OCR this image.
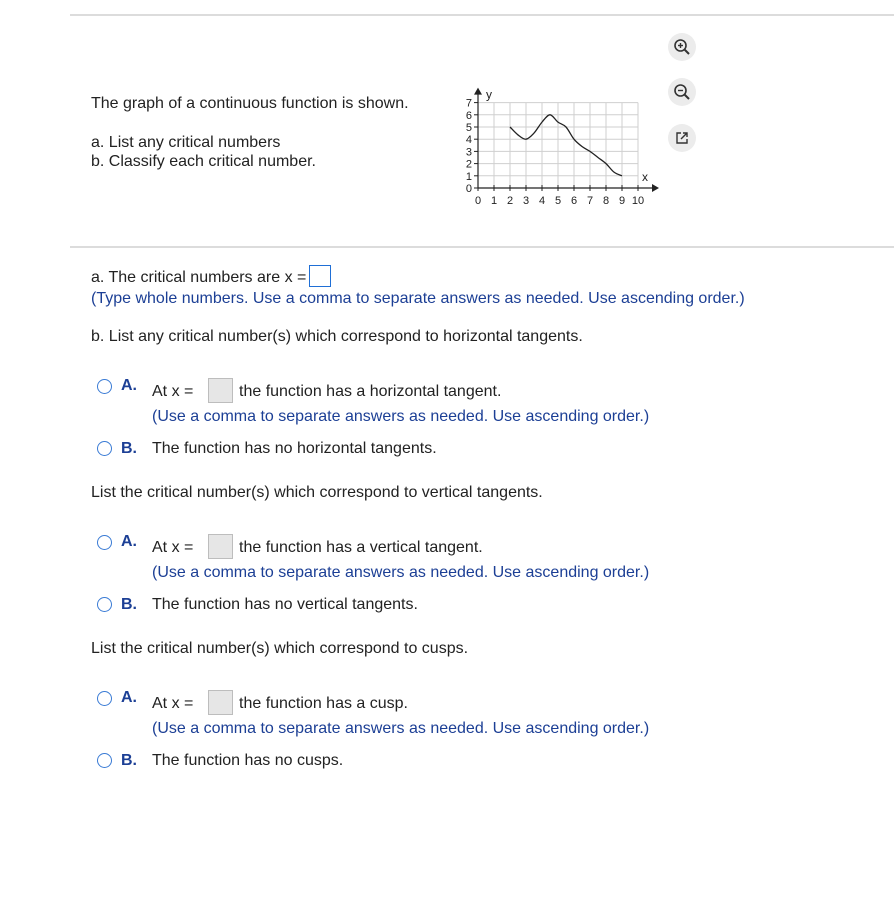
The graph of a continuous function is shown.
a. List any critical numbers
b. Classify each critical number.
0
1
2
3
4
5
6
7
0 1 2 3 4 5 6 7 8 9 10
y
x
a. The critical numbers are x =
(Type whole numbers. Use a comma to separate answers as needed. Use ascending order.)
b. List any critical number(s) which correspond to horizontal tangents.
A. At x =	the function has a horizontal tangent.
(Use a comma to separate answers as needed. Use ascending order.)
B. The function has no horizontal tangents.
List the critical number(s) which correspond to vertical tangents.
A. At x =	the function has a vertical tangent.
(Use a comma to separate answers as needed. Use ascending order.)
B. The function has no vertical tangents.
List the critical number(s) which correspond to cusps.
A. At x =	the function has a cusp.
(Use a comma to separate answers as needed. Use ascending order.)
B. The function has no cusps.
